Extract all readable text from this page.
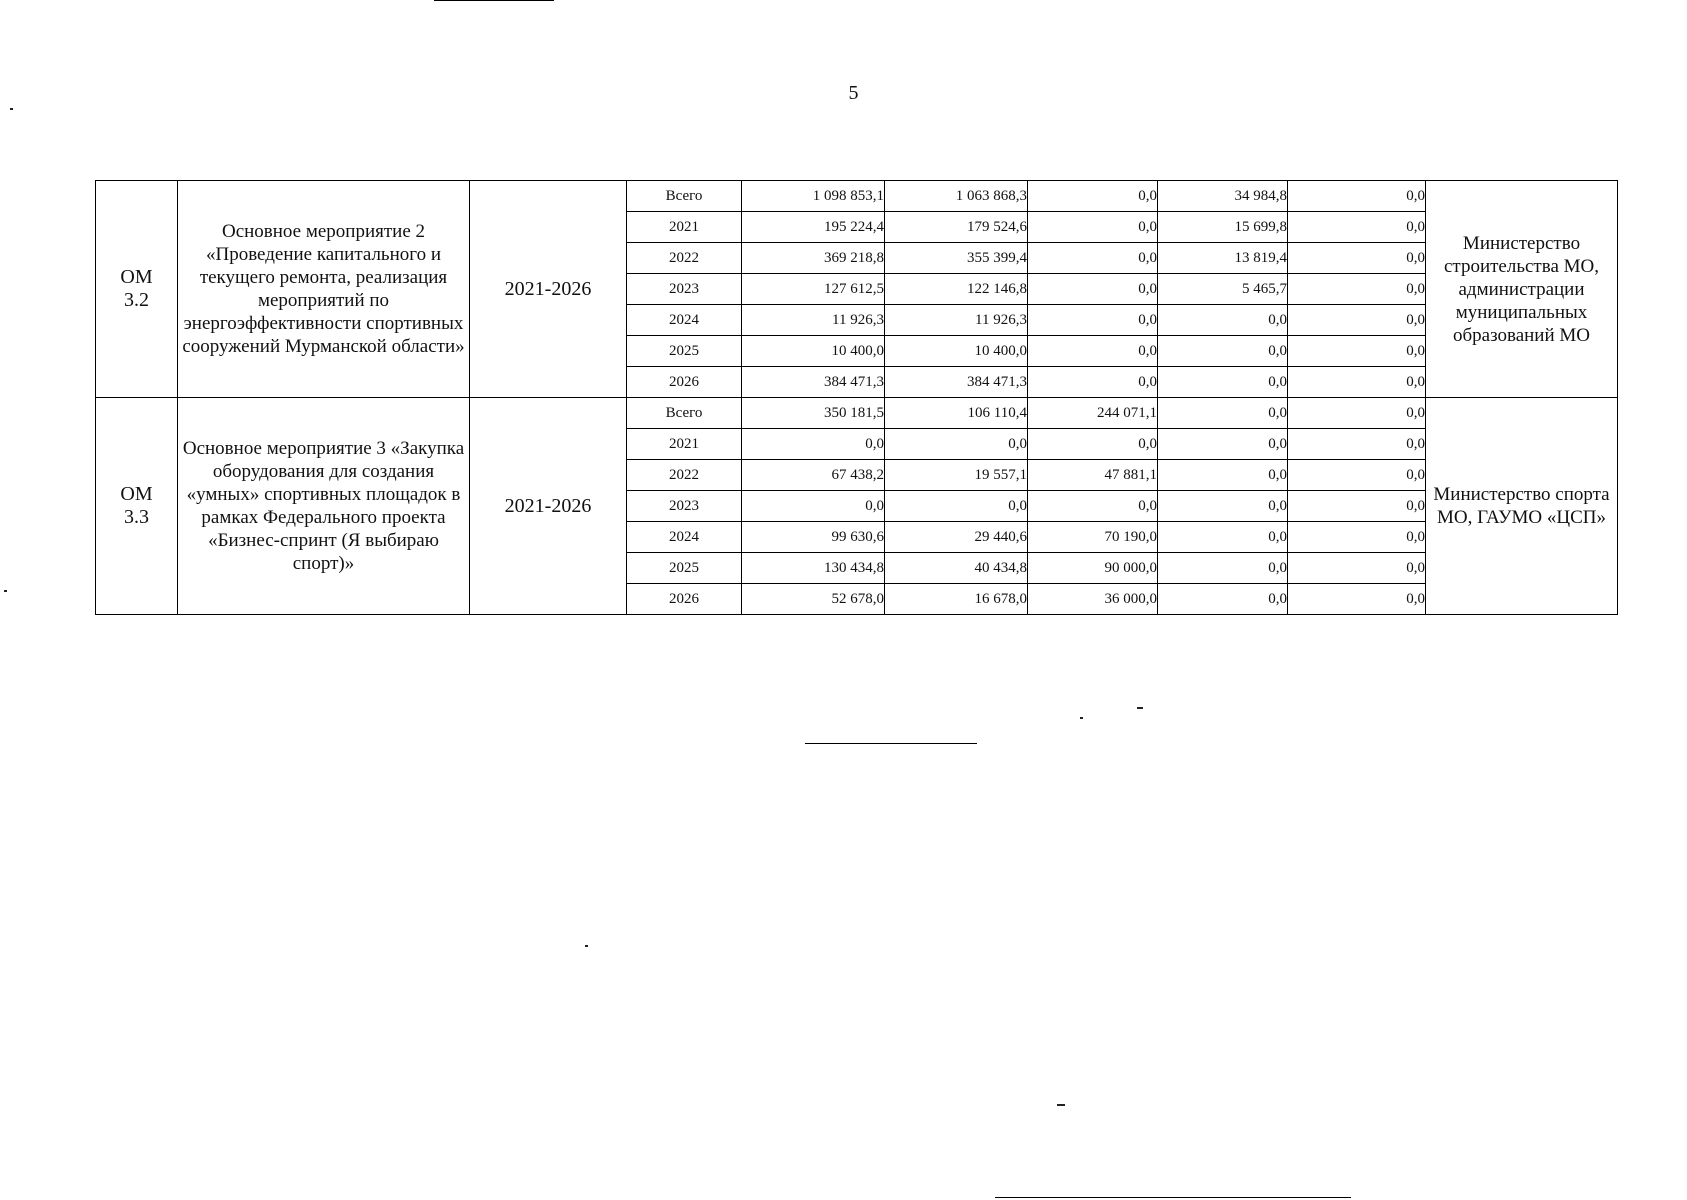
5
ОМ
3.2	Основное мероприятие 2 «Проведение капитального и текущего ремонта, реализация мероприятий по энергоэффективности спортивных сооружений Мурманской области»	2021-2026	Всего	1 098 853,1	1 063 868,3	0,0	34 984,8	0,0	Министерство строительства МО, администрации муниципальных образований МО
			2021	195 224,4	179 524,6	0,0	15 699,8	0,0	
			2022	369 218,8	355 399,4	0,0	13 819,4	0,0	
			2023	127 612,5	122 146,8	0,0	5 465,7	0,0	
			2024	11 926,3	11 926,3	0,0	0,0	0,0	
			2025	10 400,0	10 400,0	0,0	0,0	0,0	
			2026	384 471,3	384 471,3	0,0	0,0	0,0	
ОМ
3.3	Основное мероприятие 3 «Закупка оборудования для создания «умных» спортивных площадок в рамках Федерального проекта «Бизнес-спринт (Я выбираю спорт)»	2021-2026	Всего	350 181,5	106 110,4	244 071,1	0,0	0,0	Министерство спорта МО, ГАУМО «ЦСП»
			2021	0,0	0,0	0,0	0,0	0,0	
			2022	67 438,2	19 557,1	47 881,1	0,0	0,0	
			2023	0,0	0,0	0,0	0,0	0,0	
			2024	99 630,6	29 440,6	70 190,0	0,0	0,0	
			2025	130 434,8	40 434,8	90 000,0	0,0	0,0	
			2026	52 678,0	16 678,0	36 000,0	0,0	0,0	
